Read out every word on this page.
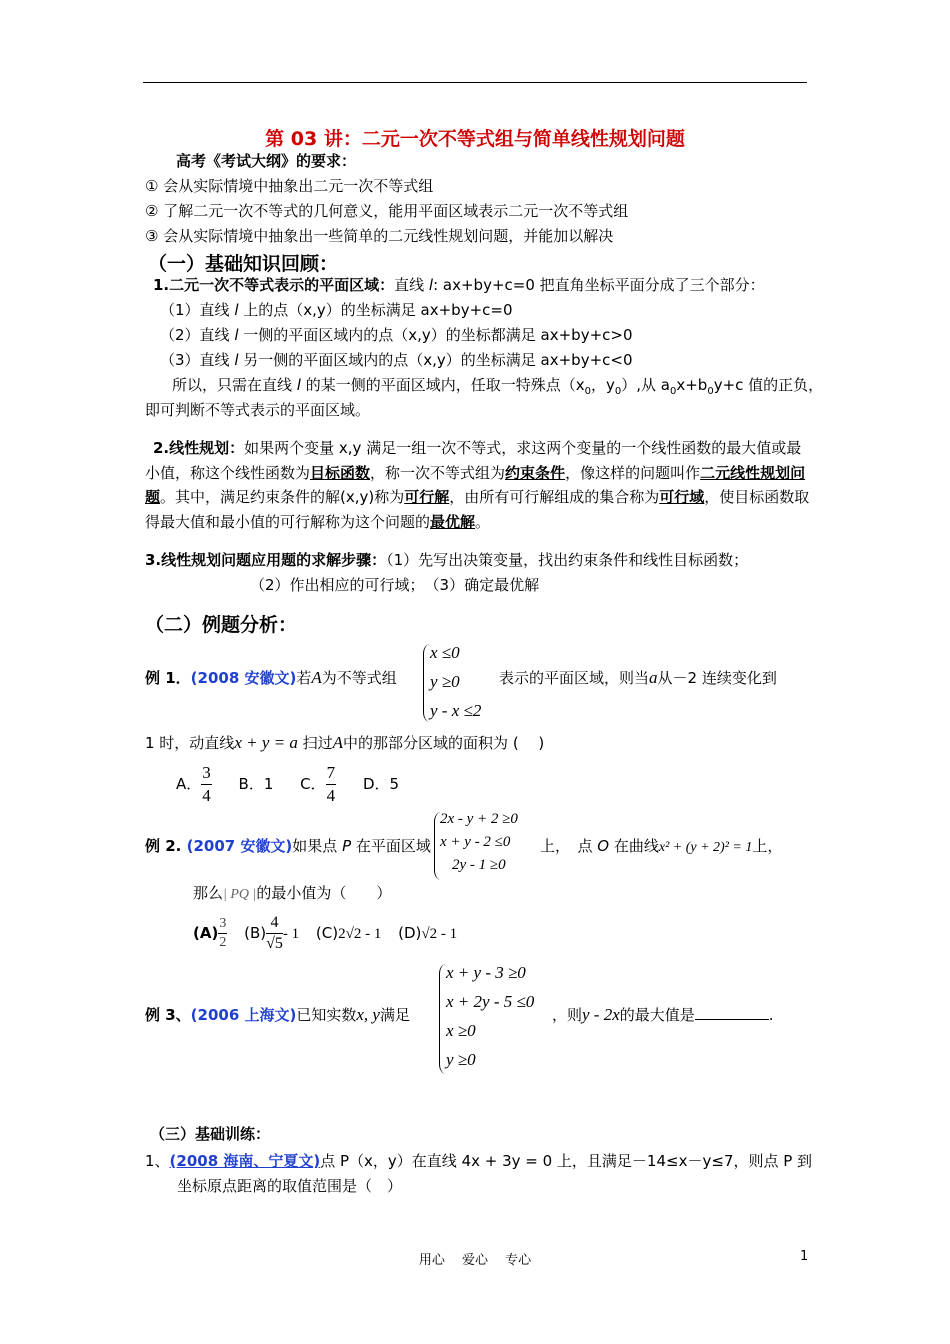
第 03 讲：二元一次不等式组与简单线性规划问题
高考《考试大纲》的要求：
① 会从实际情境中抽象出二元一次不等式组
② 了解二元一次不等式的几何意义，能用平面区域表示二元一次不等式组
③ 会从实际情境中抽象出一些简单的二元线性规划问题，并能加以解决
（一）基础知识回顾：
1.二元一次不等式表示的平面区域：直线 l: ax+by+c=0 把直角坐标平面分成了三个部分：
（1）直线 l 上的点（x,y）的坐标满足 ax+by+c=0
（2）直线 l 一侧的平面区域内的点（x,y）的坐标都满足 ax+by+c>0
（3）直线 l 另一侧的平面区域内的点（x,y）的坐标满足 ax+by+c<0
所以，只需在直线 l 的某一侧的平面区域内，任取一特殊点（$x_0$，$y_0$）,从 $a_0x+b_0y+c$ 值的正负，
即可判断不等式表示的平面区域。
2.线性规划：如果两个变量 x,y 满足一组一次不等式，求这两个变量的一个线性函数的最大值或最小值，称这个线性函数为目标函数，称一次不等式组为约束条件，像这样的问题叫作二元线性规划问题。其中，满足约束条件的解(x,y)称为可行解，由所有可行解组成的集合称为可行域，使目标函数取得最大值和最小值的可行解称为这个问题的最优解。
3.线性规划问题应用题的求解步骤：（1）先写出决策变量，找出约束条件和线性目标函数；
（2）作出相应的可行域；　（3）确定最优解
（二）例题分析：
例 1．(2008 安徽文)若A为不等式组
x ≤0
y ≥0
y - x ≤2
表示的平面区域，则当a从－2 连续变化到
1 时，动直线x + y = a 扫过A中的那部分区域的面积为 (　 )
A． $\frac{3}{4}$ B．1 C． $\frac{7}{4}$ D．5
例 2. (2007 安徽文)如果点 P 在平面区域
2x - y + 2 ≥0
x + y - 2 ≤0
2y - 1 ≥0
上，　点 O 在曲线x² + (y + 2)² = 1上，
那么| PQ |的最小值为（　　）
$(A) \frac{3}{2} (B) \frac{4}{√5} - 1$ (C)2√2 - 1 (D)√2 - 1
例 3、(2006 上海文)已知实数x, y满足
x + y - 3 ≥0
x + 2y - 5 ≤0
x ≥0
y ≥0
，则y - 2x的最大值是	.
（三）基础训练：
1、(2008 海南、宁夏文)点 P（x，y）在直线 4x + 3y = 0 上，且满足－14≤x－y≤7，则点 P 到
坐标原点距离的取值范围是（　）
用心　 爱心　 专心	1
